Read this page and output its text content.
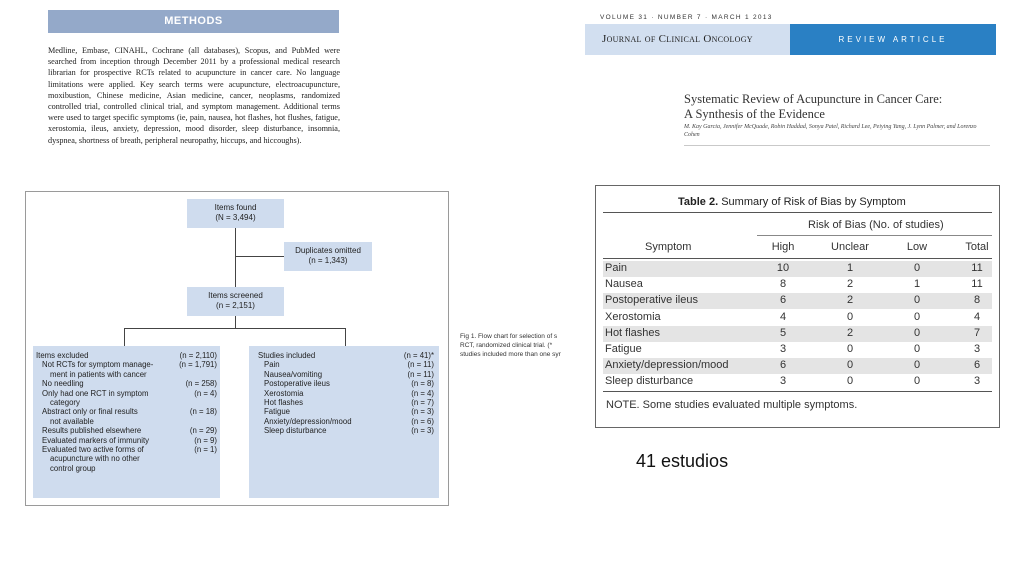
METHODS
Medline, Embase, CINAHL, Cochrane (all databases), Scopus, and PubMed were searched from inception through December 2011 by a professional medical research librarian for prospective RCTs related to acupuncture in cancer care. No language limitations were applied. Key search terms were acupuncture, electroacupuncture, moxibustion, Chinese medicine, Asian medicine, cancer, neoplasms, randomized controlled trial, controlled clinical trial, and symptom management. Additional terms were used to target specific symptoms (ie, pain, nausea, hot flashes, hot flushes, fatigue, xerostomia, ileus, anxiety, depression, mood disorder, sleep disturbance, insomnia, dyspnea, shortness of breath, peripheral neuropathy, hiccups, and hiccoughs).
VOLUME 31 · NUMBER 7 · MARCH 1 2013
Journal of Clinical Oncology	REVIEW ARTICLE
Systematic Review of Acupuncture in Cancer Care:
A Synthesis of the Evidence
M. Kay Garcia, Jennifer McQuade, Robin Haddad, Sonya Patel, Richard Lee, Peiying Yang, J. Lynn Palmer, and Lorenzo Cohen
Items found
(N = 3,494)
Duplicates omitted
(n = 1,343)
Items screened
(n = 2,151)
Items excluded	(n = 2,110)
Not RCTs for symptom manage-	(n = 1,791)
ment in patients with cancer
No needling	(n = 258)
Only had one RCT in symptom	(n = 4)
category
Abstract only or final results	(n = 18)
not available
Results published elsewhere	(n = 29)
Evaluated markers of immunity	(n = 9)
Evaluated two active forms of	(n = 1)
acupuncture with no other
control group
Studies included	(n = 41)*
Pain	(n = 11)
Nausea/vomiting	(n = 11)
Postoperative ileus	(n = 8)
Xerostomia	(n = 4)
Hot flashes	(n = 7)
Fatigue	(n = 3)
Anxiety/depression/mood	(n = 6)
Sleep disturbance	(n = 3)
Fig 1. Flow chart for selection of s
RCT, randomized clinical trial. (*
studies included more than one syr
Table 2. Summary of Risk of Bias by Symptom
Risk of Bias (No. of studies)
Symptom	High	Unclear	Low	Total
Pain	10	1	0	11
Nausea	8	2	1	11
Postoperative ileus	6	2	0	8
Xerostomia	4	0	0	4
Hot flashes	5	2	0	7
Fatigue	3	0	0	3
Anxiety/depression/mood	6	0	0	6
Sleep disturbance	3	0	0	3
NOTE. Some studies evaluated multiple symptoms.
41 estudios
